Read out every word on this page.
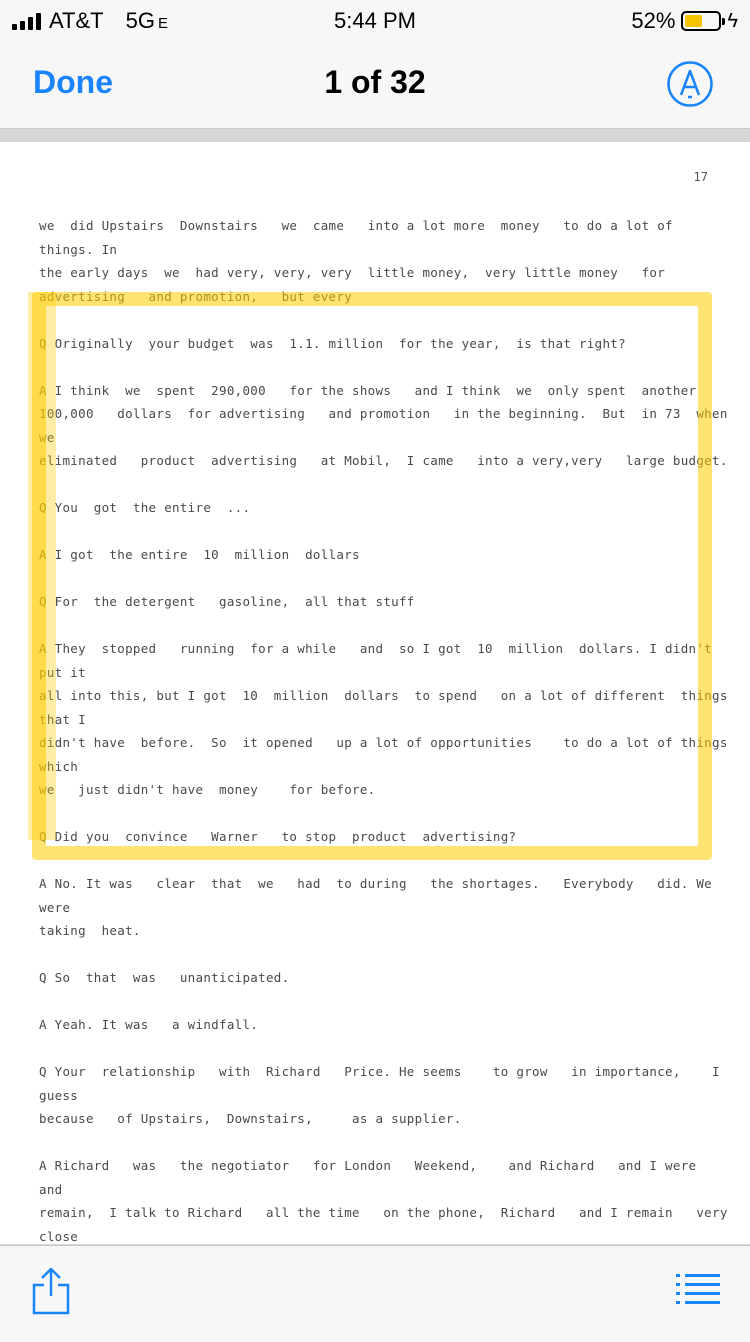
AT&T 5G E	5:44 PM	52%	ϟ
Done	1 of 32
17

we  did Upstairs  Downstairs   we  came   into a lot more  money   to do a lot of things. In
the early days  we  had very, very, very  little money,  very little money   for
advertising   and promotion,   but every

Q Originally  your budget  was  1.1. million  for the year,  is that right?

A I think  we  spent  290,000   for the shows   and I think  we  only spent  another
100,000   dollars  for advertising   and promotion   in the beginning.  But  in 73  when  we
eliminated   product  advertising   at Mobil,  I came   into a very,very   large budget.

Q You  got  the entire  ...

A I got  the entire  10  million  dollars

Q For  the detergent   gasoline,  all that stuff

A They  stopped   running  for a while   and  so I got  10  million  dollars. I didn't put it
all into this, but I got  10  million  dollars  to spend   on a lot of different  things  that I
didn't have  before.  So  it opened   up a lot of opportunities    to do a lot of things  which
we   just didn't have  money    for before.

Q Did you  convince   Warner   to stop  product  advertising?

A No. It was   clear  that  we   had  to during   the shortages.   Everybody   did. We   were
taking  heat.

Q So  that  was   unanticipated.

A Yeah. It was   a windfall.

Q Your  relationship   with  Richard   Price. He seems    to grow   in importance,    I guess
because   of Upstairs,  Downstairs,     as a supplier.

A Richard   was   the negotiator   for London   Weekend,    and Richard   and I were   and
remain,  I talk to Richard   all the time   on the phone,  Richard   and I remain   very close
